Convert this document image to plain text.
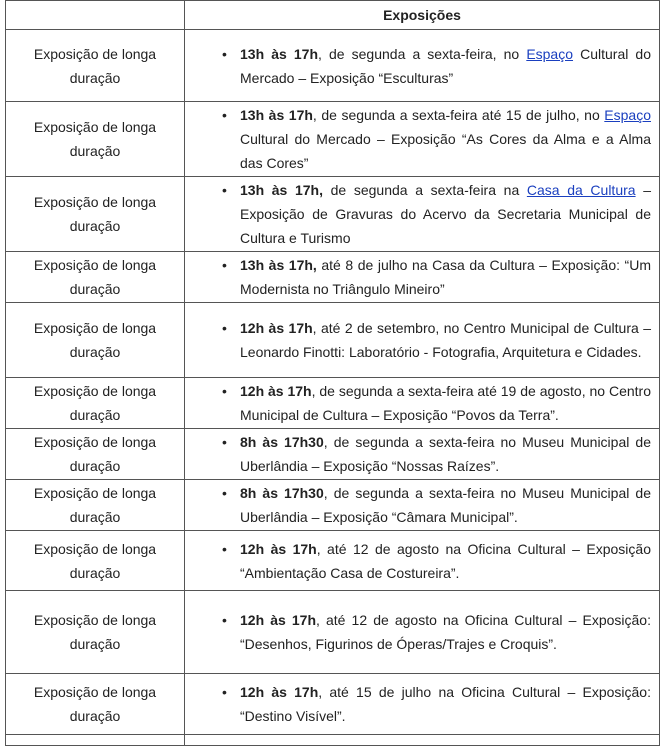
	Exposições
Exposição de longa duração	• 13h às 17h, de segunda a sexta-feira, no Espaço Cultural do Mercado – Exposição “Esculturas”
Exposição de longa duração	• 13h às 17h, de segunda a sexta-feira até 15 de julho, no Espaço Cultural do Mercado – Exposição “As Cores da Alma e a Alma das Cores”
Exposição de longa duração	• 13h às 17h, de segunda a sexta-feira na Casa da Cultura – Exposição de Gravuras do Acervo da Secretaria Municipal de Cultura e Turismo
Exposição de longa duração	• 13h às 17h, até 8 de julho na Casa da Cultura – Exposição: “Um Modernista no Triângulo Mineiro”
Exposição de longa duração	• 12h às 17h, até 2 de setembro, no Centro Municipal de Cultura – Leonardo Finotti: Laboratório - Fotografia, Arquitetura e Cidades.
Exposição de longa duração	• 12h às 17h, de segunda a sexta-feira até 19 de agosto, no Centro Municipal de Cultura – Exposição “Povos da Terra”.
Exposição de longa duração	• 8h às 17h30, de segunda a sexta-feira no Museu Municipal de Uberlândia – Exposição “Nossas Raízes”.
Exposição de longa duração	• 8h às 17h30, de segunda a sexta-feira no Museu Municipal de Uberlândia – Exposição “Câmara Municipal”.
Exposição de longa duração	• 12h às 17h, até 12 de agosto na Oficina Cultural – Exposição “Ambientação Casa de Costureira”.
Exposição de longa duração	• 12h às 17h, até 12 de agosto na Oficina Cultural – Exposição: “Desenhos, Figurinos de Óperas/Trajes e Croquis”.
Exposição de longa duração	• 12h às 17h, até 15 de julho na Oficina Cultural – Exposição: “Destino Visível”.
